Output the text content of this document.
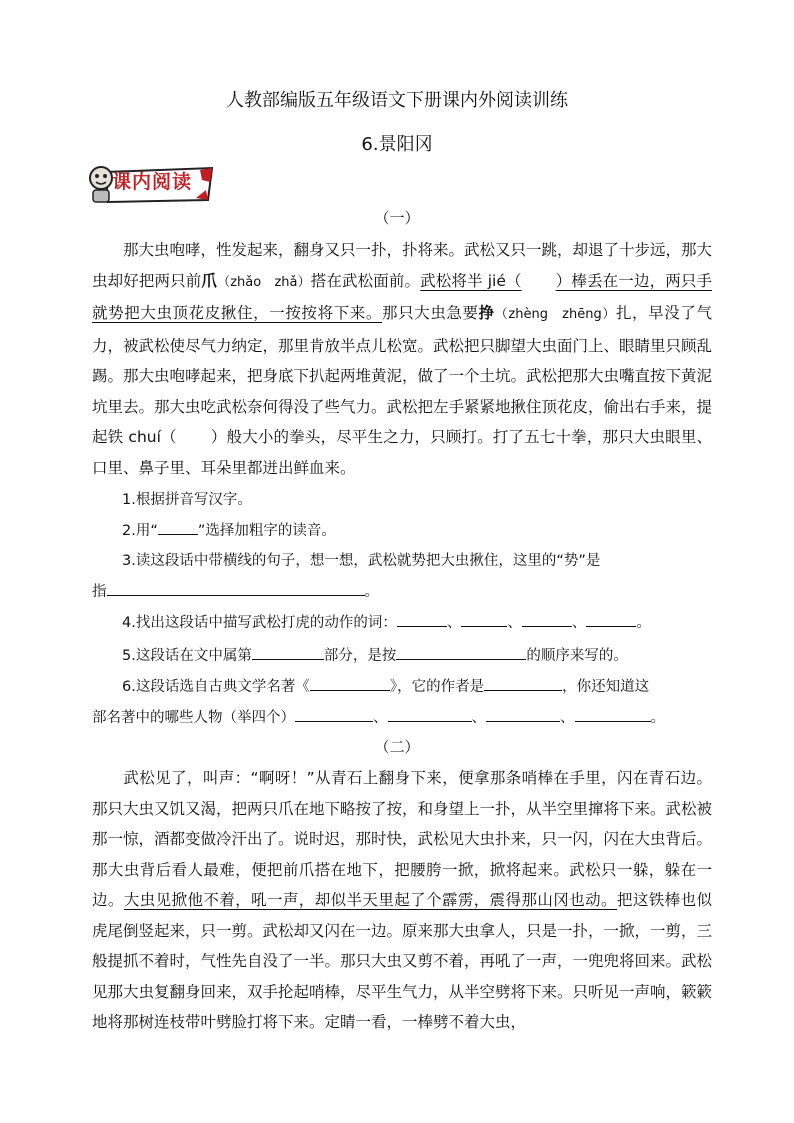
人教部编版五年级语文下册课内外阅读训练
6.景阳冈
课内阅读
（一）
  那大虫咆哮，性发起来，翻身又只一扑，扑将来。武松又只一跳，却退了十步远，那大虫却好把两只前爪（zhǎo　zhǎ）搭在武松面前。武松将半 jié（ ）棒丢在一边，两只手就势把大虫顶花皮揪住，一按按将下来。那只大虫急要挣（zhèng　zhēng）扎，早没了气力，被武松使尽气力纳定，那里肯放半点儿松宽。武松把只脚望大虫面门上、眼睛里只顾乱踢。那大虫咆哮起来，把身底下扒起两堆黄泥，做了一个土坑。武松把那大虫嘴直按下黄泥坑里去。那大虫吃武松奈何得没了些气力。武松把左手紧紧地揪住顶花皮，偷出右手来，提起铁 chuí（ ）般大小的拳头，尽平生之力，只顾打。打了五七十拳，那只大虫眼里、口里、鼻子里、耳朵里都迸出鲜血来。
1.根据拼音写汉字。
2.用“	”选择加粗字的读音。
3.读这段话中带横线的句子，想一想，武松就势把大虫揪住，这里的“势”是
指	。
4.找出这段话中描写武松打虎的动作的词：	、	、	、	。
5.这段话在文中属第	部分，是按	的顺序来写的。
6.这段话选自古典文学名著《	》，它的作者是	，你还知道这
部名著中的哪些人物（举四个）	、	、	、	。
（二）
  武松见了，叫声：“啊呀！”从青石上翻身下来，便拿那条哨棒在手里，闪在青石边。那只大虫又饥又渴，把两只爪在地下略按了按，和身望上一扑，从半空里撺将下来。武松被那一惊，酒都变做冷汗出了。说时迟，那时快，武松见大虫扑来，只一闪，闪在大虫背后。那大虫背后看人最难，便把前爪搭在地下，把腰胯一掀，掀将起来。武松只一躲，躲在一边。大虫见掀他不着，吼一声，却似半天里起了个霹雳，震得那山冈也动。把这铁棒也似虎尾倒竖起来，只一剪。武松却又闪在一边。原来那大虫拿人，只是一扑，一掀，一剪，三般提抓不着时，气性先自没了一半。那只大虫又剪不着，再吼了一声，一兜兜将回来。武松见那大虫复翻身回来，双手抡起哨棒，尽平生气力，从半空劈将下来。只听见一声响，簌簌地将那树连枝带叶劈脸打将下来。定睛一看，一棒劈不着大虫，
